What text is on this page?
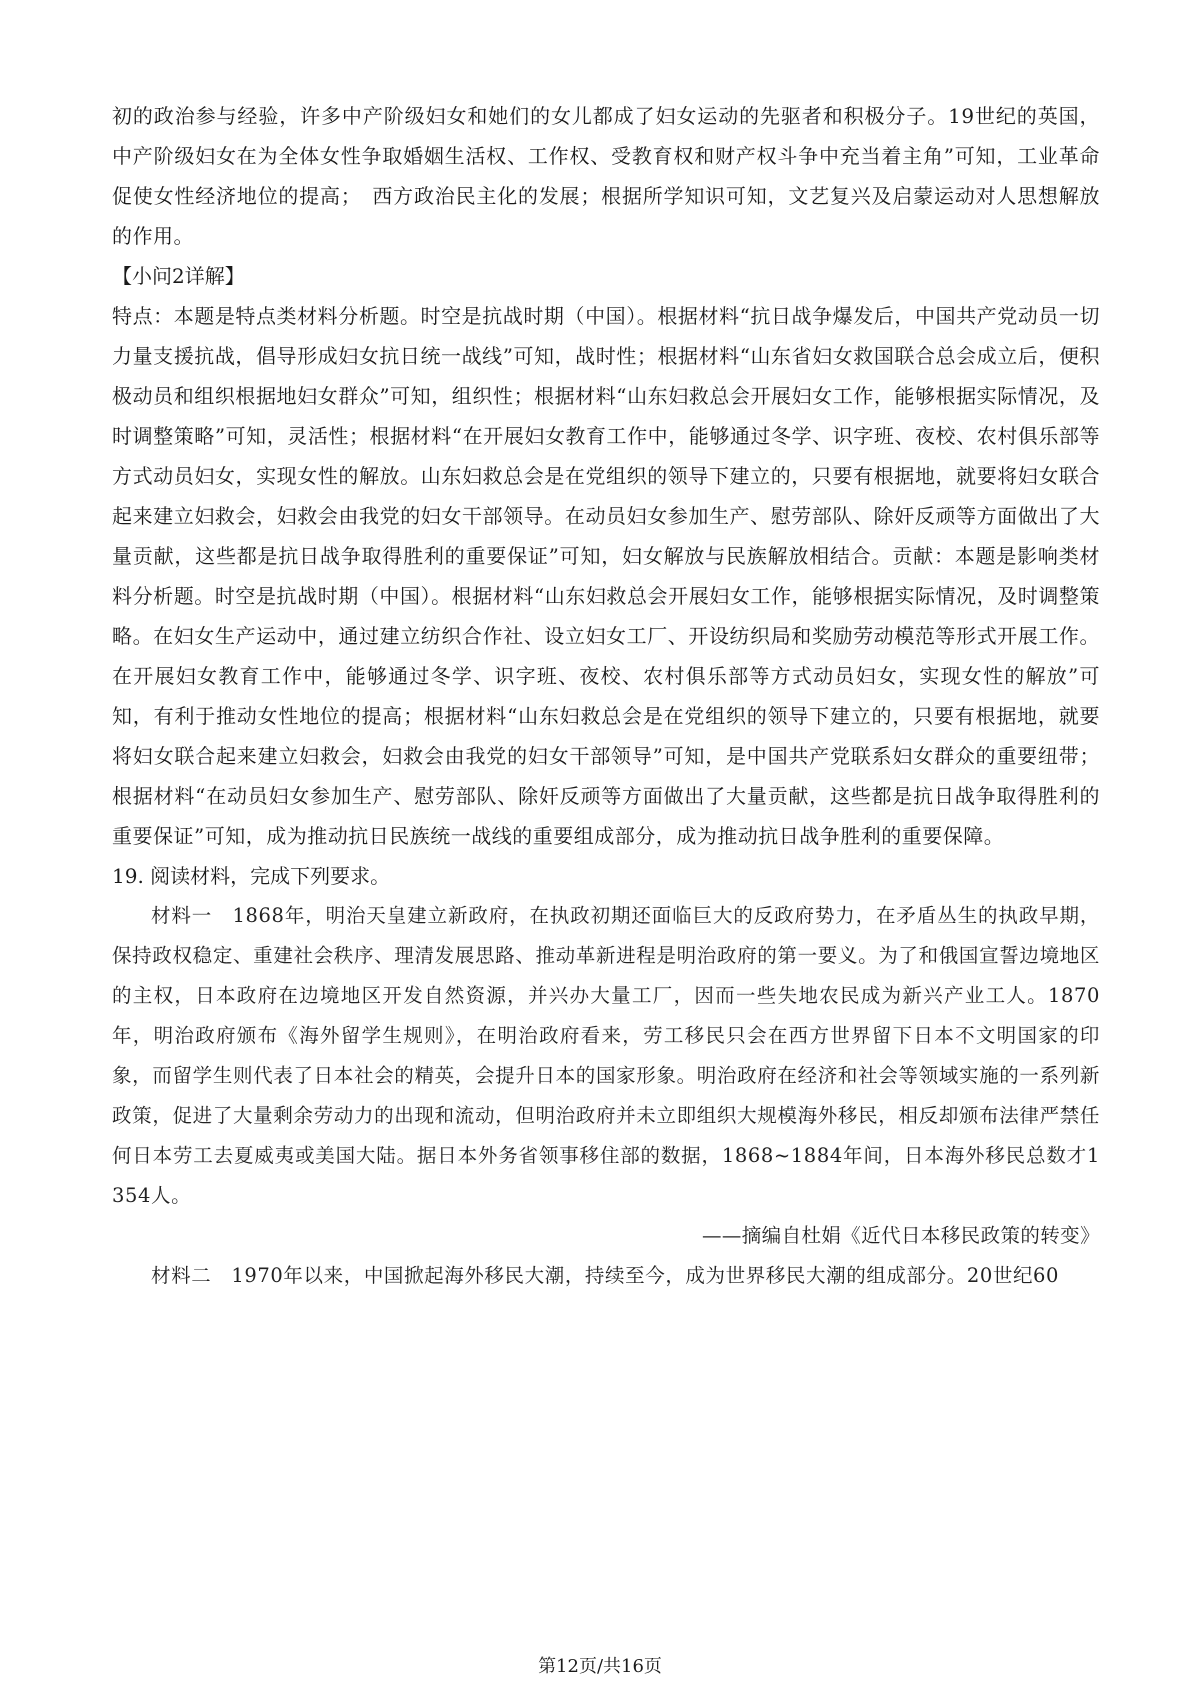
初的政治参与经验，许多中产阶级妇女和她们的女儿都成了妇女运动的先驱者和积极分子。19世纪的英国，中产阶级妇女在为全体女性争取婚姻生活权、工作权、受教育权和财产权斗争中充当着主角”可知，工业革命促使女性经济地位的提高；　西方政治民主化的发展；根据所学知识可知，文艺复兴及启蒙运动对人思想解放的作用。

【小问2详解】

特点：本题是特点类材料分析题。时空是抗战时期（中国）。根据材料“抗日战争爆发后，中国共产党动员一切力量支援抗战，倡导形成妇女抗日统一战线”可知，战时性；根据材料“山东省妇女救国联合总会成立后，便积极动员和组织根据地妇女群众”可知，组织性；根据材料“山东妇救总会开展妇女工作，能够根据实际情况，及时调整策略”可知，灵活性；根据材料“在开展妇女教育工作中，能够通过冬学、识字班、夜校、农村俱乐部等方式动员妇女，实现女性的解放。山东妇救总会是在党组织的领导下建立的，只要有根据地，就要将妇女联合起来建立妇救会，妇救会由我党的妇女干部领导。在动员妇女参加生产、慰劳部队、除奸反顽等方面做出了大量贡献，这些都是抗日战争取得胜利的重要保证”可知，妇女解放与民族解放相结合。贡献：本题是影响类材料分析题。时空是抗战时期（中国）。根据材料“山东妇救总会开展妇女工作，能够根据实际情况，及时调整策略。在妇女生产运动中，通过建立纺织合作社、设立妇女工厂、开设纺织局和奖励劳动模范等形式开展工作。在开展妇女教育工作中，能够通过冬学、识字班、夜校、农村俱乐部等方式动员妇女，实现女性的解放”可知，有利于推动女性地位的提高；根据材料“山东妇救总会是在党组织的领导下建立的，只要有根据地，就要将妇女联合起来建立妇救会，妇救会由我党的妇女干部领导”可知，是中国共产党联系妇女群众的重要纽带；根据材料“在动员妇女参加生产、慰劳部队、除奸反顽等方面做出了大量贡献，这些都是抗日战争取得胜利的重要保证”可知，成为推动抗日民族统一战线的重要组成部分，成为推动抗日战争胜利的重要保障。

19. 阅读材料，完成下列要求。

材料一　1868年，明治天皇建立新政府，在执政初期还面临巨大的反政府势力，在矛盾丛生的执政早期，保持政权稳定、重建社会秩序、理清发展思路、推动革新进程是明治政府的第一要义。为了和俄国宣誓边境地区的主权，日本政府在边境地区开发自然资源，并兴办大量工厂，因而一些失地农民成为新兴产业工人。1870年，明治政府颁布《海外留学生规则》，在明治政府看来，劳工移民只会在西方世界留下日本不文明国家的印象，而留学生则代表了日本社会的精英，会提升日本的国家形象。明治政府在经济和社会等领域实施的一系列新政策，促进了大量剩余劳动力的出现和流动，但明治政府并未立即组织大规模海外移民，相反却颁布法律严禁任何日本劳工去夏威夷或美国大陆。据日本外务省领事移住部的数据，1868~1884年间，日本海外移民总数才1354人。

——摘编自杜娟《近代日本移民政策的转变》

材料二　1970年以来，中国掀起海外移民大潮，持续至今，成为世界移民大潮的组成部分。20世纪60

第12页/共16页
